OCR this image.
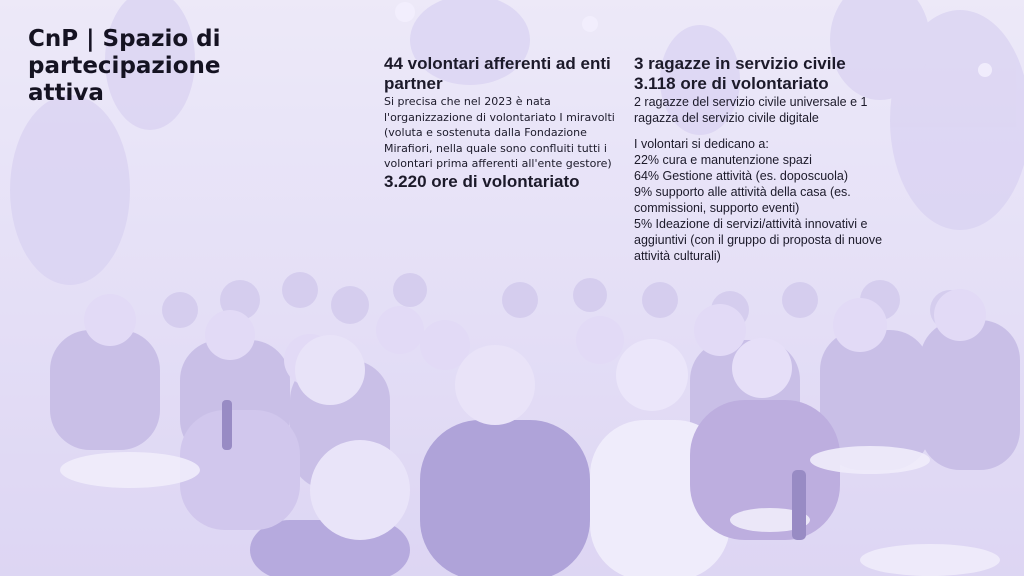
CnP | Spazio di partecipazione attiva

44 volontari afferenti ad enti partner

Si precisa che nel 2023 è nata l'organizzazione di volontariato I miravolti (voluta e sostenuta dalla Fondazione Mirafiori, nella quale sono confluiti tutti i volontari prima afferenti all'ente gestore)

3.220 ore di volontariato

3 ragazze in servizio civile

3.118 ore di volontariato

2 ragazze del servizio civile universale e 1 ragazza del servizio civile digitale

I volontari si dedicano a:

22% cura e manutenzione spazi

64% Gestione attività (es. doposcuola)

9% supporto alle attività della casa (es. commissioni, supporto eventi)

5% Ideazione di servizi/attività innovativi e aggiuntivi (con il gruppo di proposta di nuove attività culturali)
